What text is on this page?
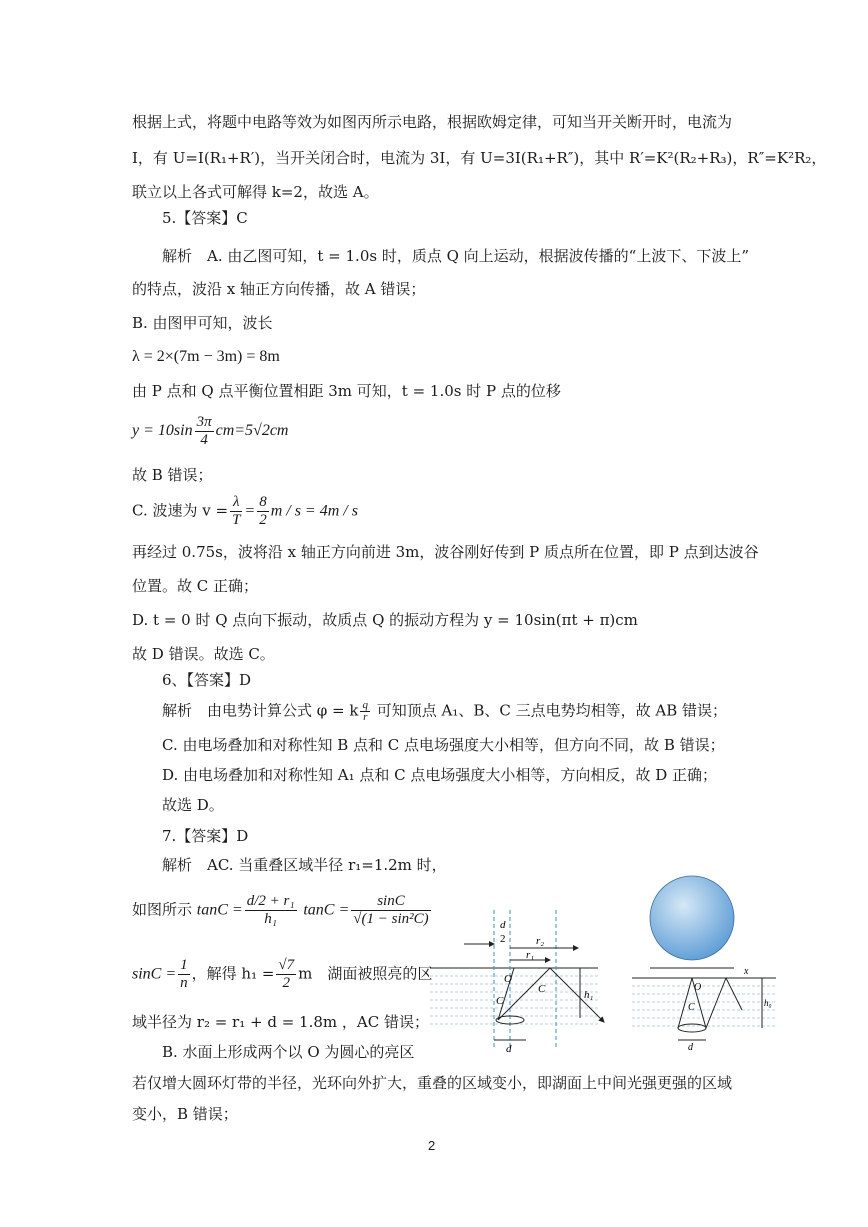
根据上式，将题中电路等效为如图丙所示电路，根据欧姆定律，可知当开关断开时，电流为
I，有 U=I(R₁+R′)，当开关闭合时，电流为 3I，有 U=3I(R₁+R″)，其中 R′=K²(R₂+R₃)，R″=K²R₂，
联立以上各式可解得 k=2，故选 A。
5.【答案】C
解析　A. 由乙图可知，t = 1.0s 时，质点 Q 向上运动，根据波传播的“上波下、下波上”
的特点，波沿 x 轴正方向传播，故 A 错误；
B. 由图甲可知，波长
λ = 2×(7m − 3m) = 8m
由 P 点和 Q 点平衡位置相距 3m 可知，t = 1.0s 时 P 点的位移
$y = 10\sin \frac{3\pi}{4} cm=5√2cm$
故 B 错误；
C. 波速为 $v = \frac{\lambda}{T} = \frac{8}{2}$ m / s = 4m / s
再经过 0.75s，波将沿 x 轴正方向前进 3m，波谷刚好传到 P 质点所在位置，即 P 点到达波谷
位置。故 C 正确；
D. t = 0 时 Q 点向下振动，故质点 Q 的振动方程为 y = 10sin(πt + π)cm
故 D 错误。故选 C。
6、【答案】D
解析　由电势计算公式 φ = k $\frac{q}{r}$ 可知顶点 A₁、B、C 三点电势均相等，故 AB 错误；
C. 由电场叠加和对称性知 B 点和 C 点电场强度大小相等，但方向不同，故 B 错误；
D. 由电场叠加和对称性知 A₁ 点和 C 点电场强度大小相等，方向相反，故 D 正确；
故选 D。
7.【答案】D
解析　AC. 当重叠区域半径 r₁=1.2m 时，
如图所示 $\tan C = \frac{\text{d/2 + r₁}}{\text{h₁}}$ $\tan C = \frac{\sin C}{\text{√(1 − sin²C)}}$
$\sin C = \frac{1}{n}$ ，解得 $h_1 = \frac{√7}{2}$ m　湖面被照亮的区
域半径为 r₂ = r₁ + d = 1.8m ，AC 错误；
B. 水面上形成两个以 O 为圆心的亮区
若仅增大圆环灯带的半径，光环向外扩大，重叠的区域变小，即湖面上中间光强更强的区域
变小，B 错误；
d
2	r₂
r₁
O
C
C	h₁
d
x
O
C	h₀
d
2
